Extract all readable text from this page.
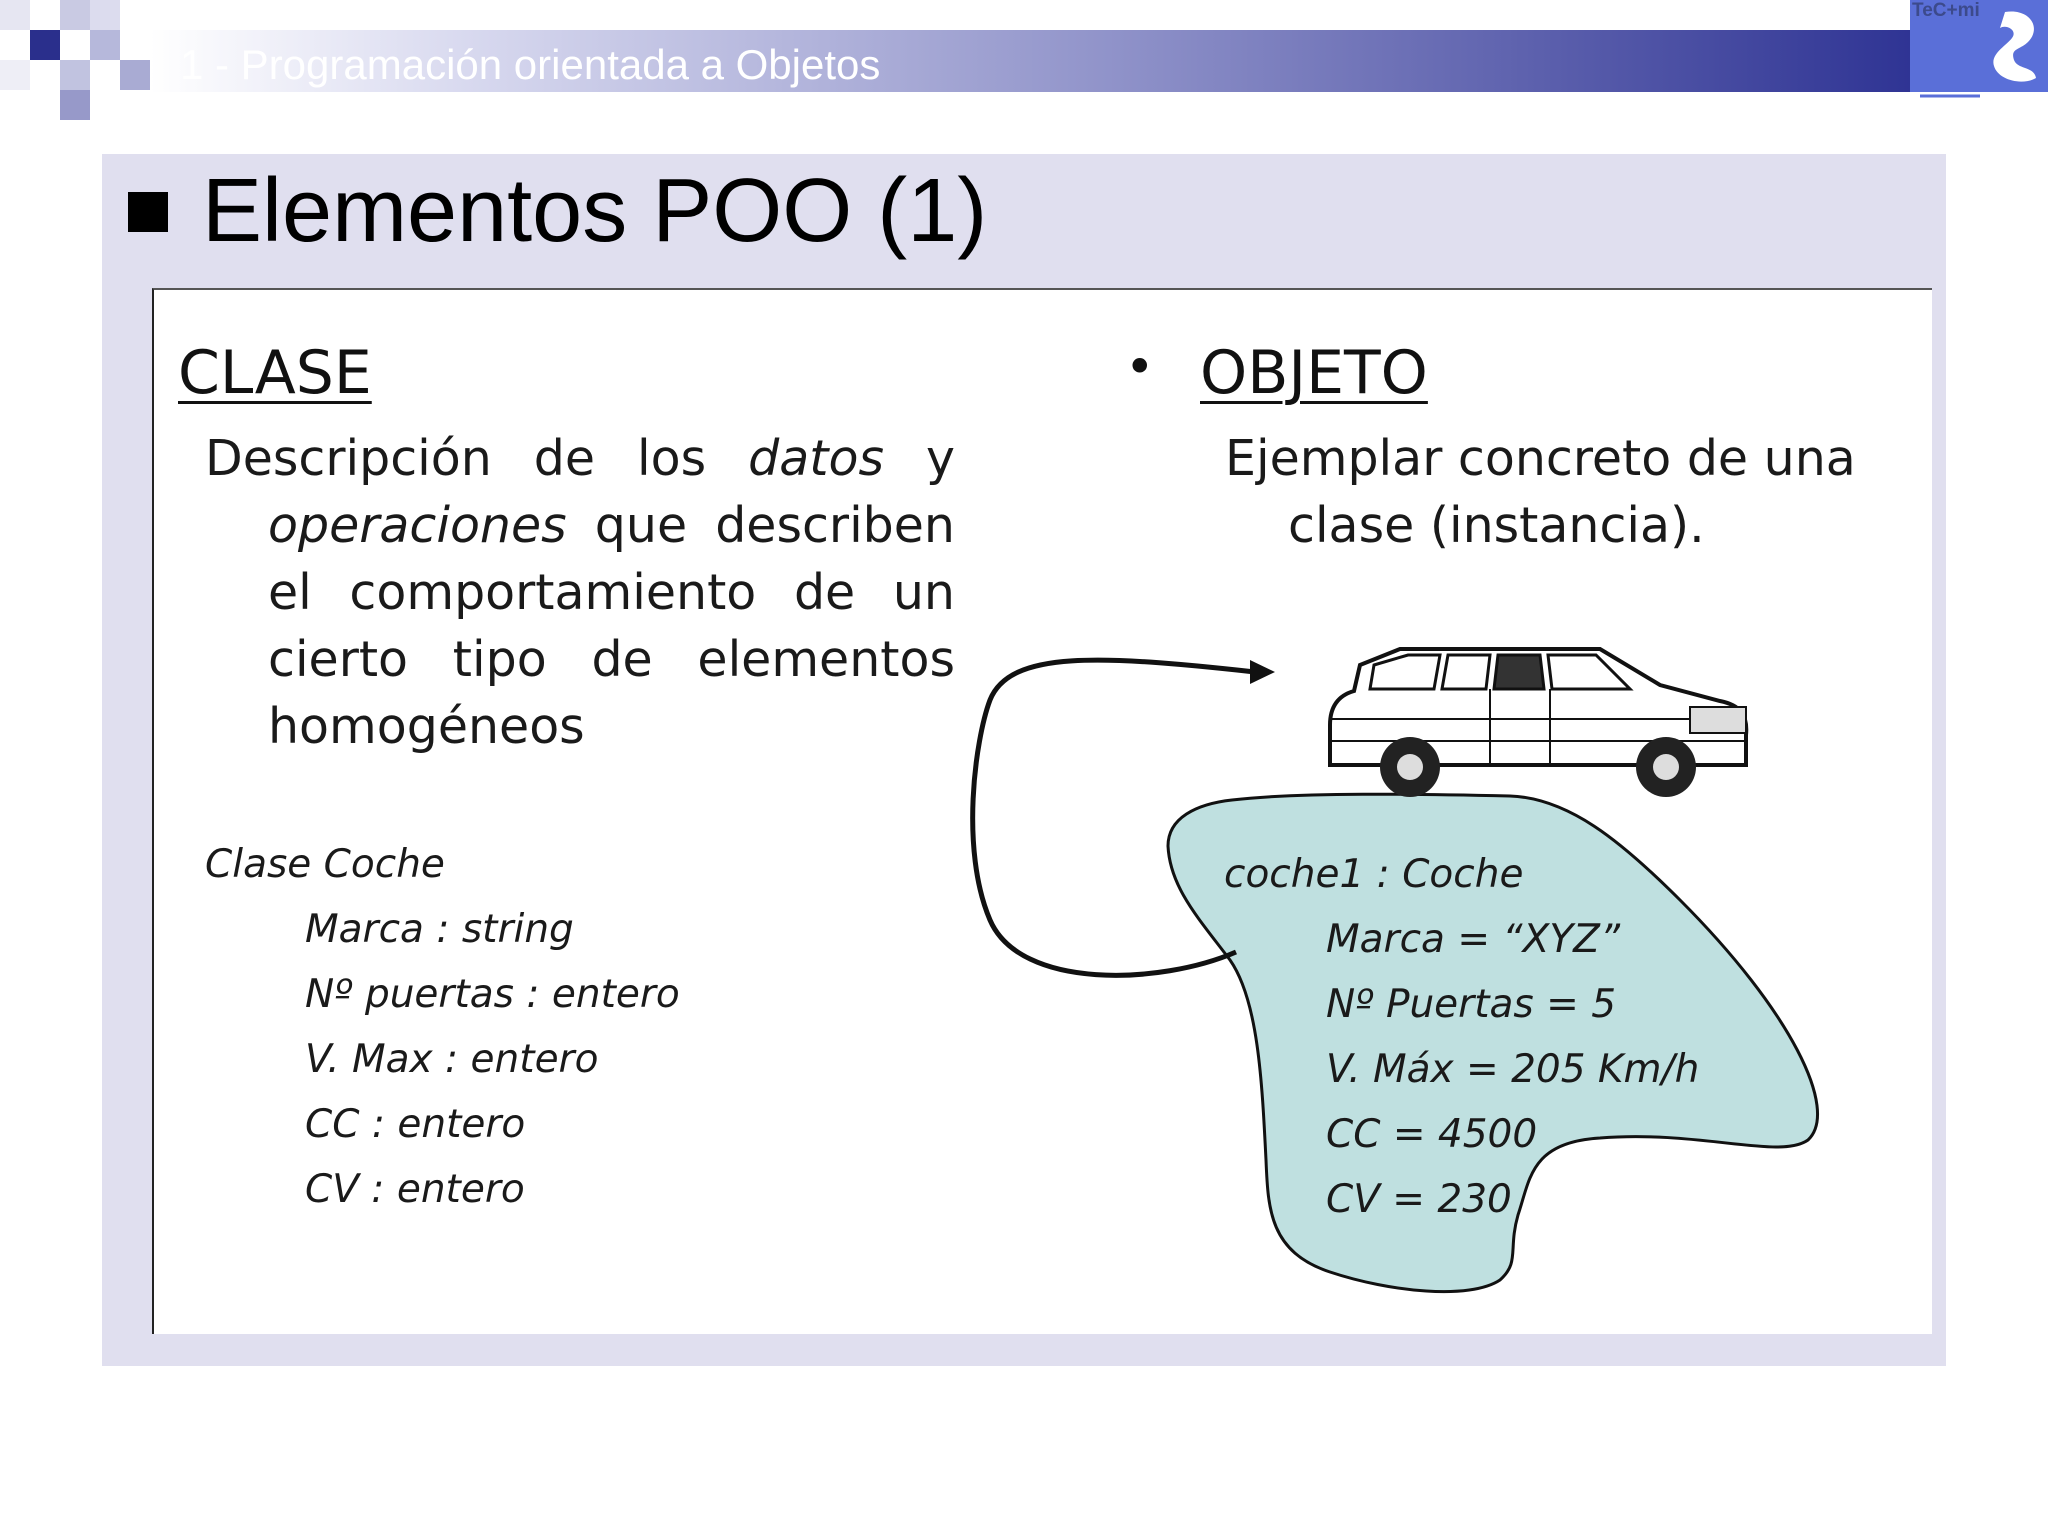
1 - Programación orientada a Objetos
TeC+mi
Elementos POO (1)
CLASE
Descripción de los datos y
operaciones que describen
el comportamiento de un
cierto tipo de elementos
homogéneos
Clase Coche
Marca : string
Nº puertas : entero
V. Max : entero
CC : entero
CV : entero
• OBJETO
Ejemplar concreto de una
clase (instancia).
coche1 : Coche
Marca = “XYZ”
Nº Puertas = 5
V. Máx = 205 Km/h
CC = 4500
CV = 230
